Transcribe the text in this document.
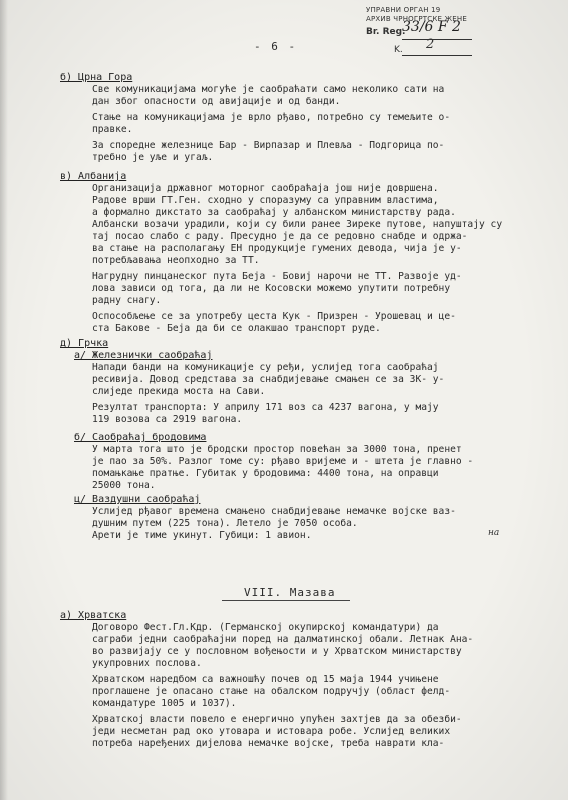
УПРАВНИ ОРГАН 19
АРХИВ ЧРНОГРТСКЕ ЖЕНЕ
Br. Reg.
33/6 F 2
K. 2
- 6 -
б) Црна Гора
в) Албанија
д) Грчка
а/ Железнички саобраћај
б/ Саобраћај бродовима
ц/ Ваздушни саобраћај
а) Хрватска
Све комуникацијама могуће је саобраћати само неколико сати на
дан због опасности од авијације и од банди.
Стање на комуникацијама је врло рђаво, потребно су темељите о-
правке.
За споредне железнице Бар - Вирпазар и Плевља - Подгорица по-
требно је уље и угаљ.
Организација државног моторног саобраћаја још није довршена.
Радове врши ГТ.Ген. сходно у споразуму са управним властима,
а формално дикстато за саобраћај у албанском министарству рада.
Албански возачи урадили, који су били ранее Зиреке путове, напуштају су
тај посао слабо с раду. Пресудно је да се редовно снабде и одржа-
ва стање на располагању ЕН продукције гумених девода, чија је у-
потребљавања неопходно за ТТ.
Нагрудну пинцанеског пута Беја - Бовиј нарочи не ТТ. Развоје уд-
лова зависи од тога, да ли не Косовски можемо упутити потребну
радну снагу.
Оспособљење се за употребу цеста Кук - Призрен - Урошевац и це-
ста Бакове - Беја да би се олакшао транспорт руде.
Напади банди на комуникације су ређи, услијед тога саобраћај
ресивија. Довод средстава за снабдијевање смањен се за ЗК- у-
слиједе прекида моста на Сави.
Резултат транспорта: У априлу 171 воз са 4237 вагона, у мају
119 возова са 2919 вагона.
У марта тога што је бродски простор повећан за 3000 тона, пренет
је пао за 50%. Разлог томе су: рђаво вријеме и - штета је главно -
помањкање пратње. Губитак у бродовима: 4400 тона, на оправци
25000 тона.
Услијед рђавог времена смањено снабдијевање немачке војске ваз-
душним путем (225 тона). Летело је 7050 особа.
Арети је тиме укинут. Губици: 1 авион.
Договоро Фест.Гл.Кдр. (Германској окупирској командатури) да
саграби једни саобраћајни поред на далматинској обали. Летнак Ана-
во развијају се у пословном вођењости и у Хрватском министарству
укупровних послова.
Хрватском наредбом са важношћу почев од 15 маја 1944 учињене
проглашене је опасано стање на обалском подручју (област фелд-
командатуре 1005 и 1037).
Хрватској власти повело е енергично упућен захтјев да за обезби-
једи несметан рад око утовара и истовара робе. Услијед великих
потреба наређених дијелова немачке војске, треба наврати кла-
на
VIII. Мазава
